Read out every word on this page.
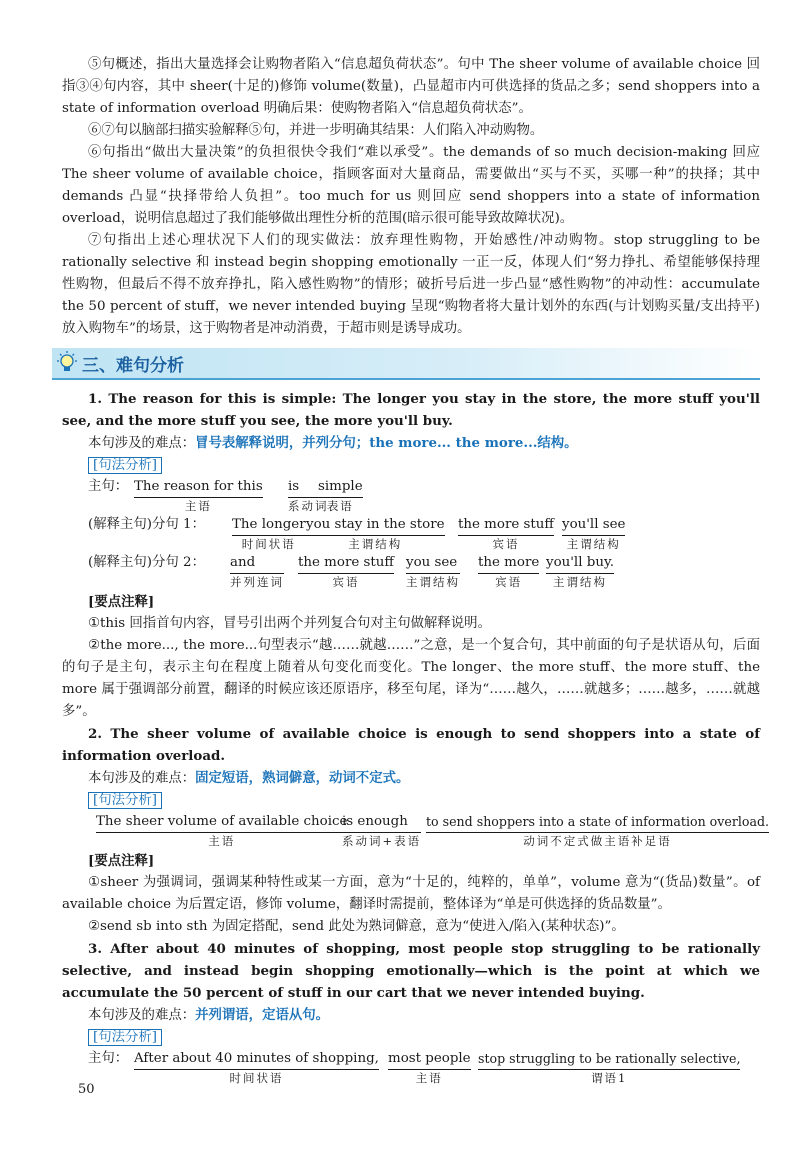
⑤句概述，指出大量选择会让购物者陷入“信息超负荷状态”。句中 The sheer volume of available choice 回指③④句内容，其中 sheer(十足的)修饰 volume(数量)，凸显超市内可供选择的货品之多；send shoppers into a state of information overload 明确后果：使购物者陷入“信息超负荷状态”。

⑥⑦句以脑部扫描实验解释⑤句，并进一步明确其结果：人们陷入冲动购物。

⑥句指出“做出大量决策”的负担很快令我们“难以承受”。the demands of so much decision-making 回应 The sheer volume of available choice，指顾客面对大量商品，需要做出“买与不买，买哪一种”的抉择；其中 demands 凸显“抉择带给人负担”。too much for us 则回应 send shoppers into a state of information overload，说明信息超过了我们能够做出理性分析的范围(暗示很可能导致故障状况)。

⑦句指出上述心理状况下人们的现实做法：放弃理性购物，开始感性/冲动购物。stop struggling to be rationally selective 和 instead begin shopping emotionally 一正一反，体现人们“努力挣扎、希望能够保持理性购物，但最后不得不放弃挣扎，陷入感性购物”的情形；破折号后进一步凸显“感性购物”的冲动性：accumulate the 50 percent of stuff，we never intended buying 呈现“购物者将大量计划外的东西(与计划购买量/支出持平)放入购物车”的场景，这于购物者是冲动消费，于超市则是诱导成功。

三、难句分析

1. The reason for this is simple: The longer you stay in the store, the more stuff you'll see, and the more stuff you see, the more you'll buy.

本句涉及的难点：冒号表解释说明，并列分句；the more... the more...结构。

[句法分析]
主句： The reason for this
主语
is
系动词
simple
表语
(解释主句)分句 1： The longer
时间状语
you stay in the store
主谓结构
the more stuff
宾语
you'll see
主谓结构
(解释主句)分句 2： and
并列连词
the more stuff
宾语
you see
主谓结构
the more
宾语
you'll buy.
主谓结构
[要点注释]

①this 回指首句内容，冒号引出两个并列复合句对主句做解释说明。

②the more..., the more...句型表示“越……就越……”之意，是一个复合句，其中前面的句子是状语从句，后面的句子是主句，表示主句在程度上随着从句变化而变化。The longer、the more stuff、the more stuff、the more 属于强调部分前置，翻译的时候应该还原语序，移至句尾，译为“……越久，……就越多；……越多，……就越多”。

2. The sheer volume of available choice is enough to send shoppers into a state of information overload.

本句涉及的难点：固定短语，熟词僻意，动词不定式。

[句法分析]
The sheer volume of available choice
主语
is enough
系动词+表语
to send shoppers into a state of information overload.
动词不定式做主语补足语
[要点注释]

①sheer 为强调词，强调某种特性或某一方面，意为“十足的，纯粹的，单单”，volume 意为“(货品)数量”。of available choice 为后置定语，修饰 volume，翻译时需提前，整体译为“单是可供选择的货品数量”。

②send sb into sth 为固定搭配，send 此处为熟词僻意，意为“使进入/陷入(某种状态)”。

3. After about 40 minutes of shopping, most people stop struggling to be rationally selective, and instead begin shopping emotionally—which is the point at which we accumulate the 50 percent of stuff in our cart that we never intended buying.

本句涉及的难点：并列谓语，定语从句。

[句法分析]
主句： After about 40 minutes of shopping,
时间状语
most people
主语
stop struggling to be rationally selective,
谓语1
50
